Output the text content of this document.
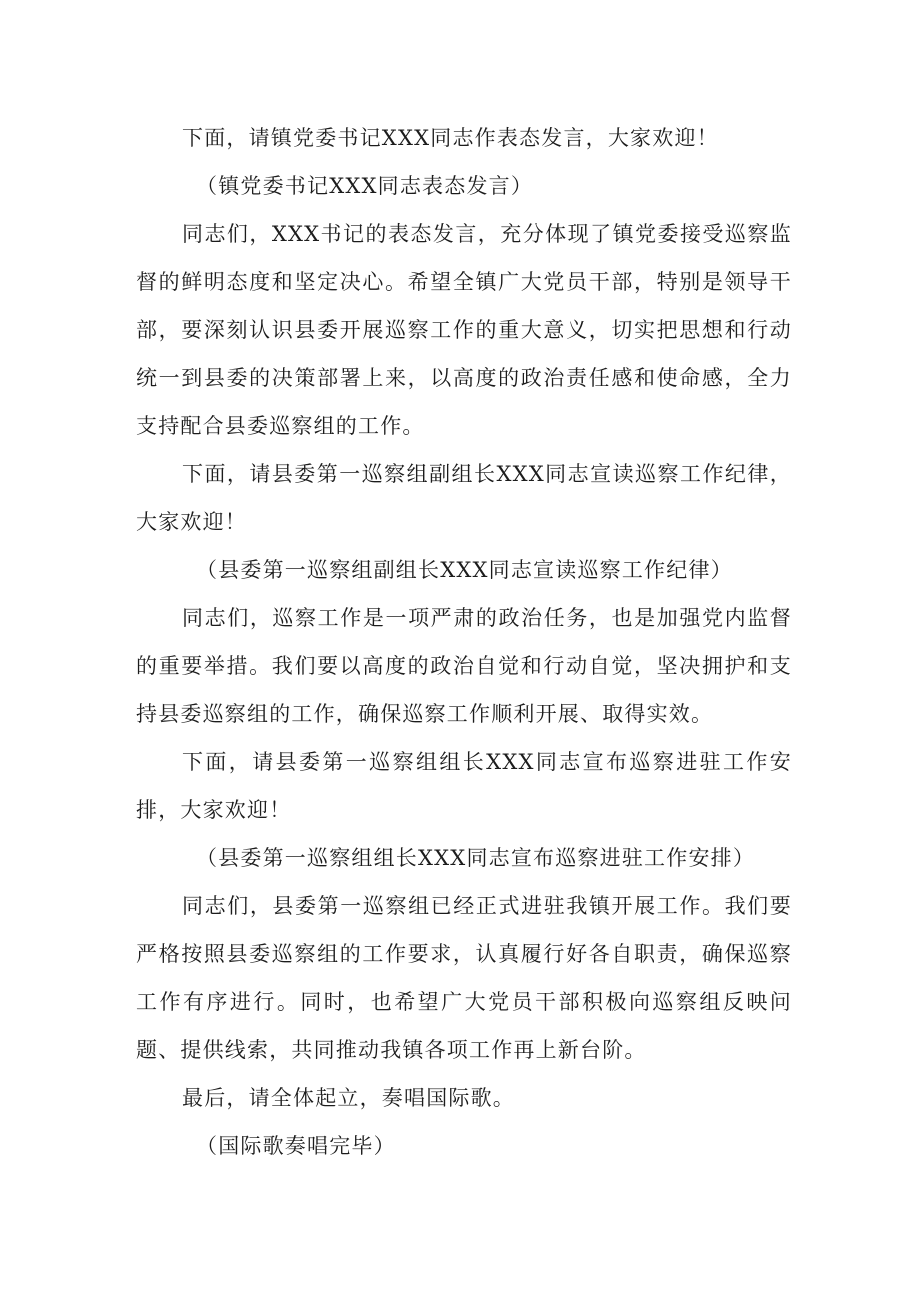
下面，请镇党委书记XXX同志作表态发言，大家欢迎！

（镇党委书记XXX同志表态发言）

同志们，XXX书记的表态发言，充分体现了镇党委接受巡察监督的鲜明态度和坚定决心。希望全镇广大党员干部，特别是领导干部，要深刻认识县委开展巡察工作的重大意义，切实把思想和行动统一到县委的决策部署上来，以高度的政治责任感和使命感，全力支持配合县委巡察组的工作。

下面，请县委第一巡察组副组长XXX同志宣读巡察工作纪律，大家欢迎！

（县委第一巡察组副组长XXX同志宣读巡察工作纪律）

同志们，巡察工作是一项严肃的政治任务，也是加强党内监督的重要举措。我们要以高度的政治自觉和行动自觉，坚决拥护和支持县委巡察组的工作，确保巡察工作顺利开展、取得实效。

下面，请县委第一巡察组组长XXX同志宣布巡察进驻工作安排，大家欢迎！

（县委第一巡察组组长XXX同志宣布巡察进驻工作安排）

同志们，县委第一巡察组已经正式进驻我镇开展工作。我们要严格按照县委巡察组的工作要求，认真履行好各自职责，确保巡察工作有序进行。同时，也希望广大党员干部积极向巡察组反映问题、提供线索，共同推动我镇各项工作再上新台阶。

最后，请全体起立，奏唱国际歌。

（国际歌奏唱完毕）
